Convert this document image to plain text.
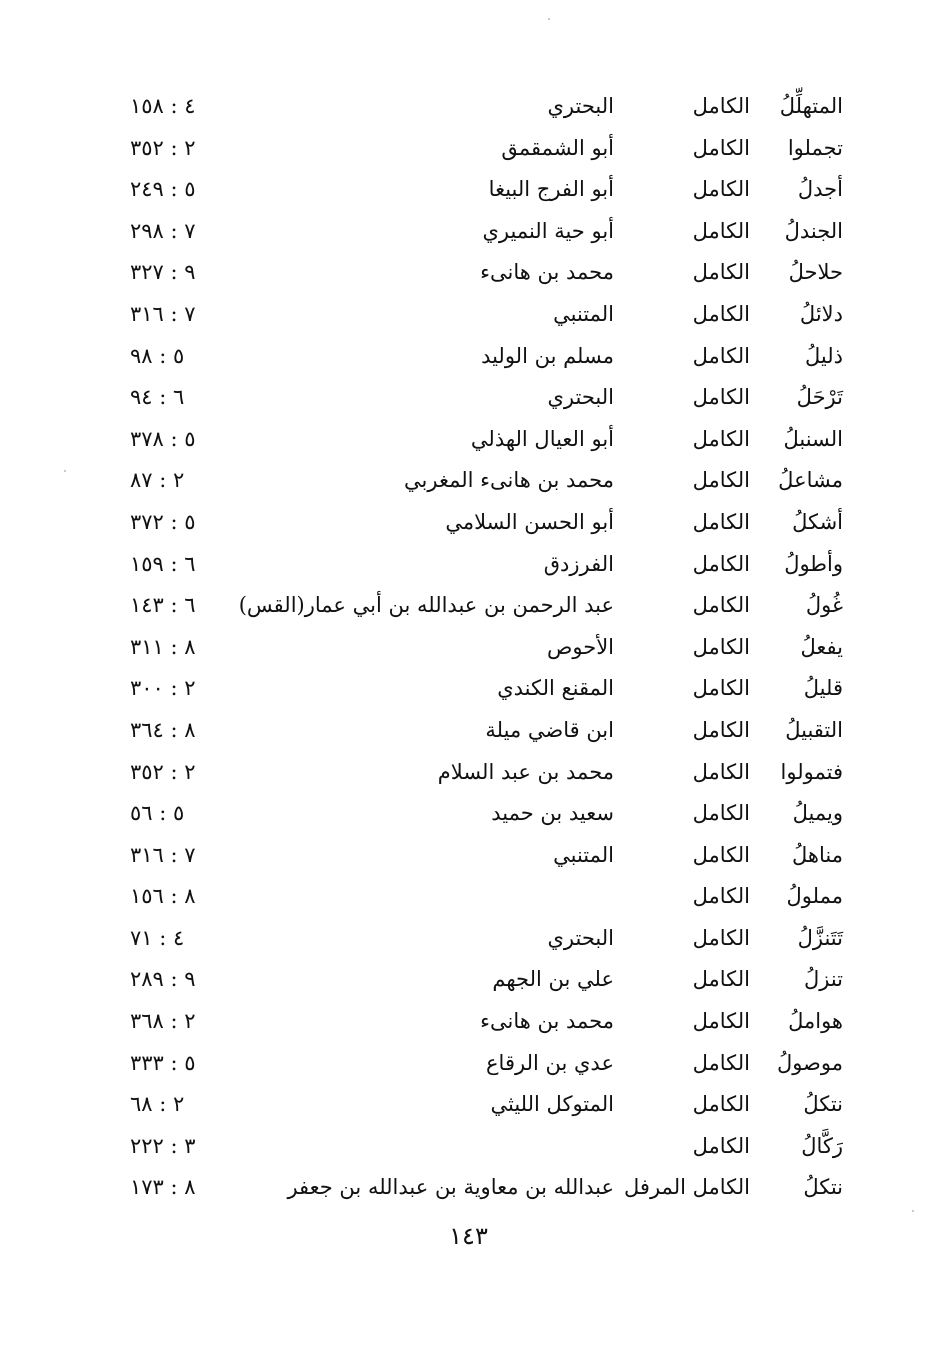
المتهلِّلُ
الكامل
البحتري
٤ : ١٥٨
تجملوا
الكامل
أبو الشمقمق
٢ : ٣٥٢
أجدلُ
الكامل
أبو الفرج البيغا
٥ : ٢٤٩
الجندلُ
الكامل
أبو حية النميري
٧ : ٢٩٨
حلاحلُ
الكامل
محمد بن هانىء
٩ : ٣٢٧
دلائلُ
الكامل
المتنبي
٧ : ٣١٦
ذليلُ
الكامل
مسلم بن الوليد
٥ : ٩٨
تَرْحَلُ
الكامل
البحتري
٦ : ٩٤
السنبلُ
الكامل
أبو العيال الهذلي
٥ : ٣٧٨
مشاعلُ
الكامل
محمد بن هانىء المغربي
٢ : ٨٧
أشكلُ
الكامل
أبو الحسن السلامي
٥ : ٣٧٢
وأطولُ
الكامل
الفرزدق
٦ : ١٥٩
غُولُ
الكامل
عبد الرحمن بن عبدالله بن أبي عمار(القس)
٦ : ١٤٣
يفعلُ
الكامل
الأحوص
٨ : ٣١١
قليلُ
الكامل
المقنع الكندي
٢ : ٣٠٠
التقبيلُ
الكامل
ابن قاضي ميلة
٨ : ٣٦٤
فتمولوا
الكامل
محمد بن عبد السلام
٢ : ٣٥٢
ويميلُ
الكامل
سعيد بن حميد
٥ : ٥٦
مناهلُ
الكامل
المتنبي
٧ : ٣١٦
مملولُ
الكامل
٨ : ١٥٦
تَتَنزَّلُ
الكامل
البحتري
٤ : ٧١
تنزلُ
الكامل
علي بن الجهم
٩ : ٢٨٩
هواملُ
الكامل
محمد بن هانىء
٢ : ٣٦٨
موصولُ
الكامل
عدي بن الرقاع
٥ : ٣٣٣
نتكلُ
الكامل
المتوكل الليثي
٢ : ٦٨
رَكَّالُ
الكامل
٣ : ٢٢٢
نتكلُ
الكامل المرفل
عبدالله بن معاوية بن عبدالله بن جعفر
٨ : ١٧٣
١٤٣
